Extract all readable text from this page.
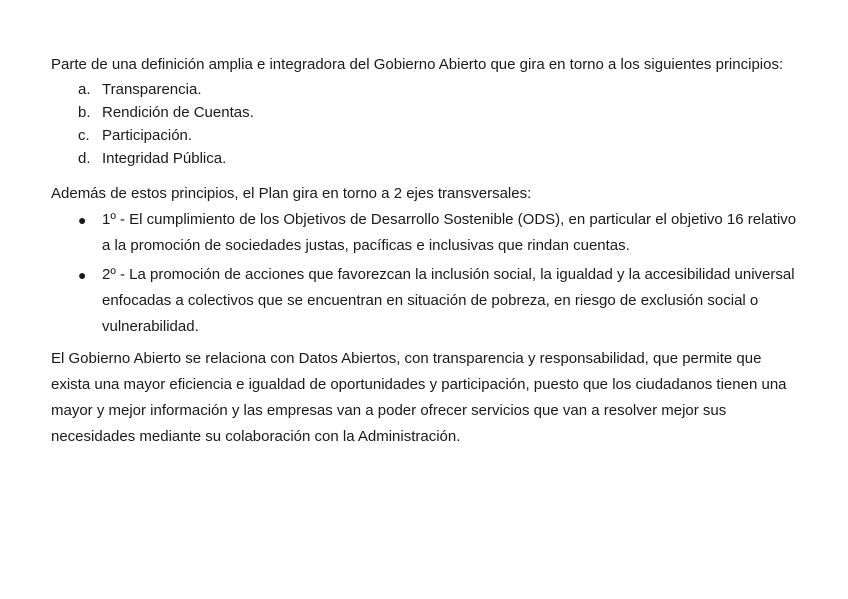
Parte de una definición amplia e integradora del Gobierno Abierto que gira en torno a los siguientes principios:

a. Transparencia.
b. Rendición de Cuentas.
c. Participación.
d. Integridad Pública.

Además de estos principios, el Plan gira en torno a 2 ejes transversales:

● 1º - El cumplimiento de los Objetivos de Desarrollo Sostenible (ODS), en particular el objetivo 16 relativo a la promoción de sociedades justas, pacíficas e inclusivas que rindan cuentas.
● 2º - La promoción de acciones que favorezcan la inclusión social, la igualdad y la accesibilidad universal enfocadas a colectivos que se encuentran en situación de pobreza, en riesgo de exclusión social o vulnerabilidad.

El Gobierno Abierto se relaciona con Datos Abiertos, con transparencia y responsabilidad, que permite que exista una mayor eficiencia e igualdad de oportunidades y participación, puesto que los ciudadanos tienen una mayor y mejor información y las empresas van a poder ofrecer servicios que van a resolver mejor sus necesidades mediante su colaboración con la Administración.
